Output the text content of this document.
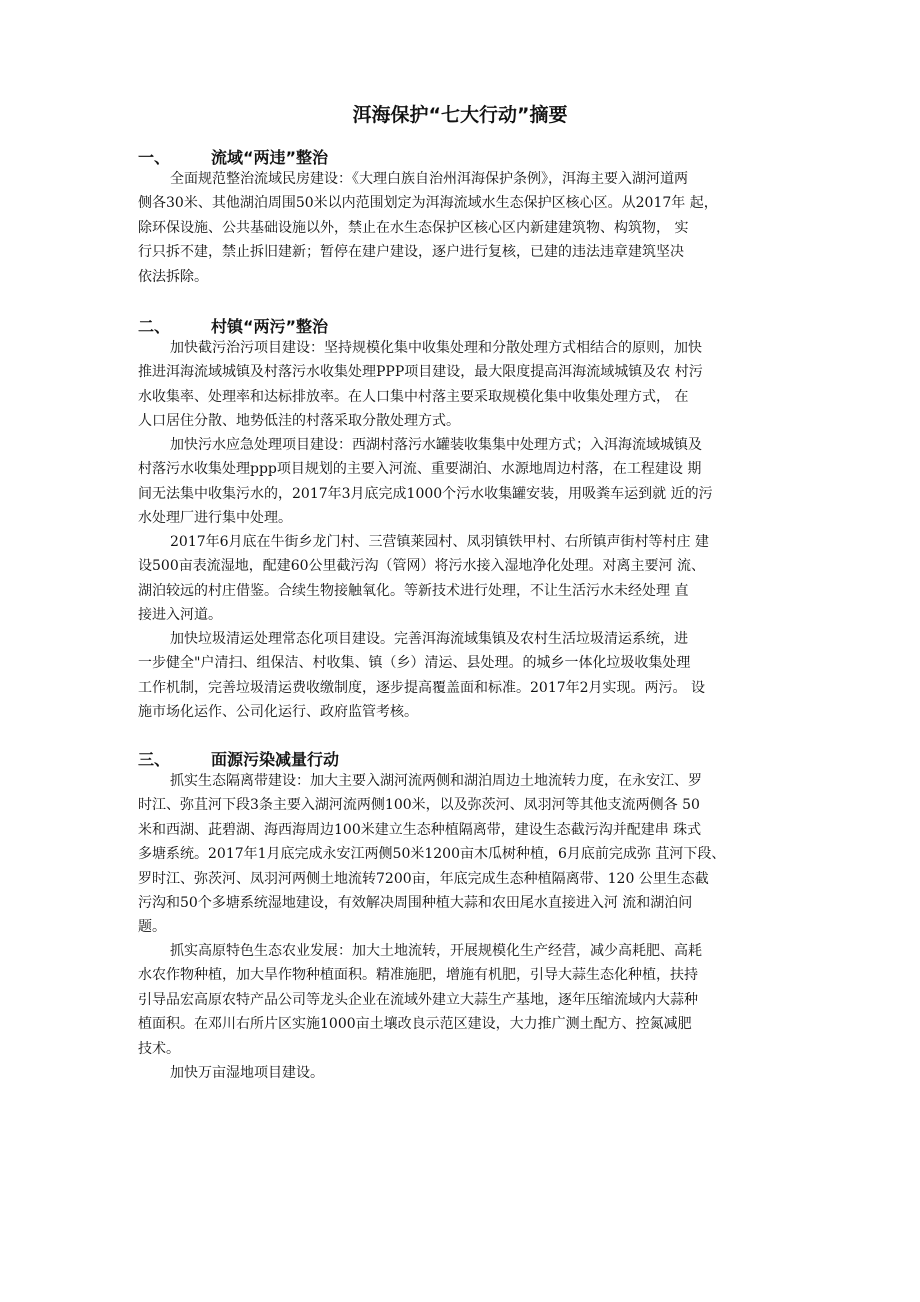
洱海保护“七大行动”摘要
一、	流域“两违”整治
全面规范整治流域民房建设：《大理白族自治州洱海保护条例》，洱海主要入湖河道两
侧各30米、其他湖泊周围50米以内范围划定为洱海流域水生态保护区核心区。从2017年 起，
除环保设施、公共基础设施以外，禁止在水生态保护区核心区内新建建筑物、构筑物， 实
行只拆不建，禁止拆旧建新；暂停在建户建设，逐户进行复核，已建的违法违章建筑坚决
依法拆除。
二、	村镇“两污”整治
加快截污治污项目建设：坚持规模化集中收集处理和分散处理方式相结合的原则，加快
推进洱海流域城镇及村落污水收集处理PPP项目建设，最大限度提高洱海流域城镇及农 村污
水收集率、处理率和达标排放率。在人口集中村落主要采取规模化集中收集处理方式， 在
人口居住分散、地势低洼的村落采取分散处理方式。
加快污水应急处理项目建设：西湖村落污水罐装收集集中处理方式；入洱海流域城镇及
村落污水收集处理ppp项目规划的主要入河流、重要湖泊、水源地周边村落，在工程建设 期
间无法集中收集污水的，2017年3月底完成1000个污水收集罐安装，用吸粪车运到就 近的污
水处理厂进行集中处理。
2017年6月底在牛街乡龙门村、三营镇莱园村、凤羽镇铁甲村、右所镇声街村等村庄 建
设500亩表流湿地，配建60公里截污沟（管网）将污水接入湿地净化处理。对离主要河 流、
湖泊较远的村庄借鉴。合续生物接触氧化。等新技术进行处理，不让生活污水未经处理 直
接进入河道。
加快垃圾清运处理常态化项目建设。完善洱海流域集镇及农村生活垃圾清运系统，进
一步健全"户清扫、组保洁、村收集、镇（乡）清运、县处理。的城乡一体化垃圾收集处理
工作机制，完善垃圾清运费收缴制度，逐步提高覆盖面和标准。2017年2月实现。两污。 设
施市场化运作、公司化运行、政府监管考核。
三、	面源污染减量行动
抓实生态隔离带建设：加大主要入湖河流两侧和湖泊周边土地流转力度，在永安江、罗
时江、弥苴河下段3条主要入湖河流两侧100米，以及弥茨河、凤羽河等其他支流两侧各 50
米和西湖、茈碧湖、海西海周边100米建立生态种植隔离带，建设生态截污沟并配建串 珠式
多塘系统。2017年1月底完成永安江两侧50米1200亩木瓜树种植，6月底前完成弥 苴河下段、
罗时江、弥茨河、凤羽河两侧土地流转7200亩，年底完成生态种植隔离带、120 公里生态截
污沟和50个多塘系统湿地建设，有效解决周围种植大蒜和农田尾水直接进入河 流和湖泊问
题。
抓实高原特色生态农业发展：加大土地流转，开展规模化生产经营，减少高耗肥、高耗
水农作物种植，加大旱作物种植面积。精准施肥，增施有机肥，引导大蒜生态化种植，扶持
引导品宏高原农特产品公司等龙头企业在流域外建立大蒜生产基地，逐年压缩流域内大蒜种
植面积。在邓川右所片区实施1000亩土壤改良示范区建设，大力推广测土配方、控氮减肥
技术。
加快万亩湿地项目建设。
